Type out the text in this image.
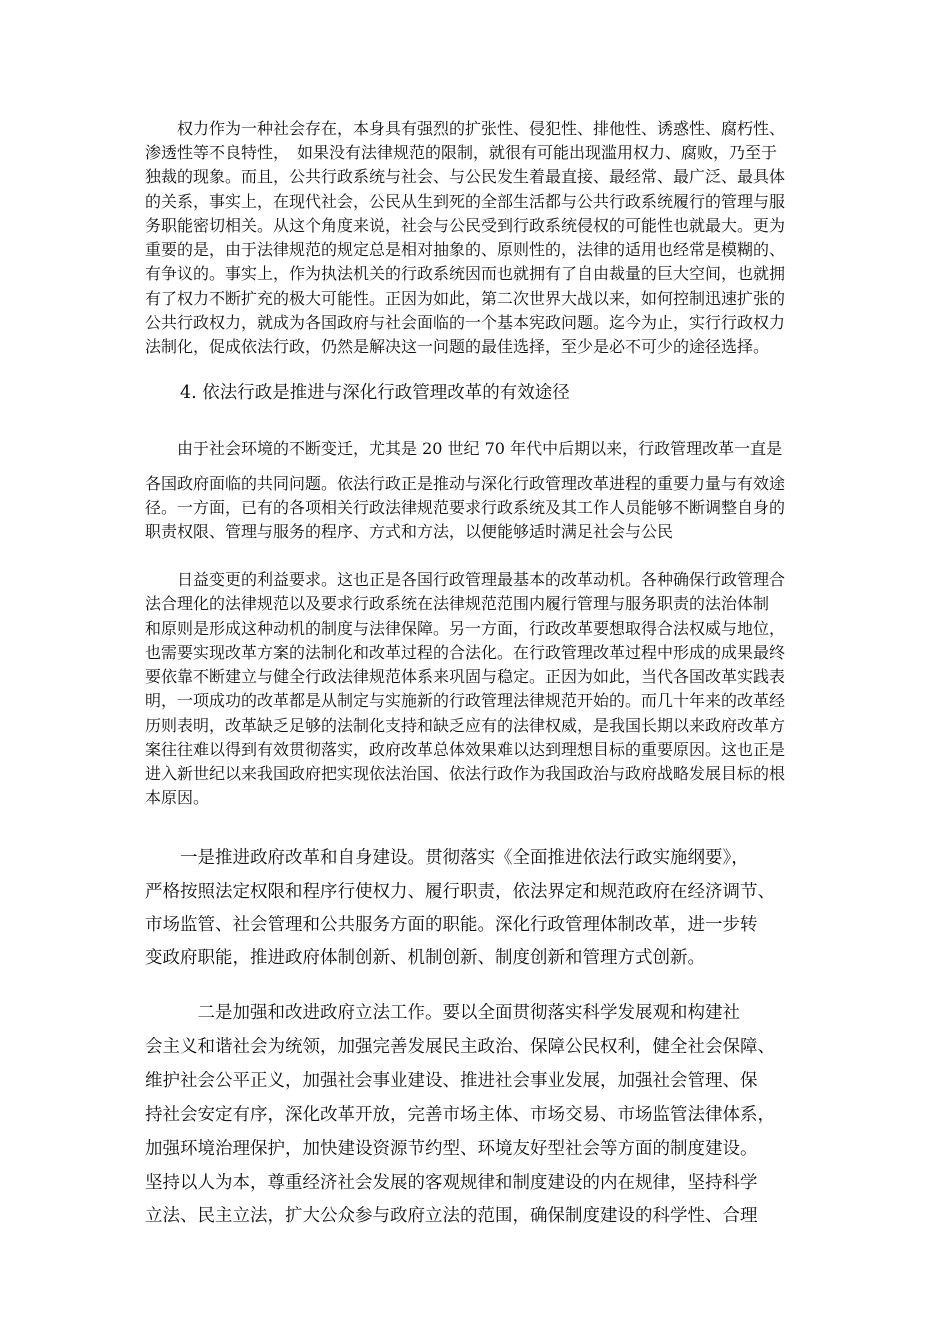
　　权力作为一种社会存在，本身具有强烈的扩张性、侵犯性、排他性、诱惑性、腐朽性、

渗透性等不良特性，　如果没有法律规范的限制，就很有可能出现滥用权力、腐败，乃至于

独裁的现象。而且，公共行政系统与社会、与公民发生着最直接、最经常、最广泛、最具体

的关系，事实上，在现代社会，公民从生到死的全部生活都与公共行政系统履行的管理与服

务职能密切相关。从这个角度来说，社会与公民受到行政系统侵权的可能性也就最大。更为

重要的是，由于法律规范的规定总是相对抽象的、原则性的，法律的适用也经常是模糊的、

有争议的。事实上，作为执法机关的行政系统因而也就拥有了自由裁量的巨大空间，也就拥

有了权力不断扩充的极大可能性。正因为如此，第二次世界大战以来，如何控制迅速扩张的

公共行政权力，就成为各国政府与社会面临的一个基本宪政问题。迄今为止，实行行政权力

法制化，促成依法行政，仍然是解决这一问题的最佳选择，至少是必不可少的途径选择。

　　4. 依法行政是推进与深化行政管理改革的有效途径

　　由于社会环境的不断变迁，尤其是 20 世纪 70 年代中后期以来，行政管理改革一直是

各国政府面临的共同问题。依法行政正是推动与深化行政管理改革进程的重要力量与有效途

径。一方面，已有的各项相关行政法律规范要求行政系统及其工作人员能够不断调整自身的

职责权限、管理与服务的程序、方式和方法，以便能够适时满足社会与公民

　　日益变更的利益要求。这也正是各国行政管理最基本的改革动机。各种确保行政管理合

法合理化的法律规范以及要求行政系统在法律规范范围内履行管理与服务职责的法治体制

和原则是形成这种动机的制度与法律保障。另一方面，行政改革要想取得合法权威与地位，

也需要实现改革方案的法制化和改革过程的合法化。在行政管理改革过程中形成的成果最终

要依靠不断建立与健全行政法律规范体系来巩固与稳定。正因为如此，当代各国改革实践表

明，一项成功的改革都是从制定与实施新的行政管理法律规范开始的。而几十年来的改革经

历则表明，改革缺乏足够的法制化支持和缺乏应有的法律权威，是我国长期以来政府改革方

案往往难以得到有效贯彻落实，政府改革总体效果难以达到理想目标的重要原因。这也正是

进入新世纪以来我国政府把实现依法治国、依法行政作为我国政治与政府战略发展目标的根

本原因。

　　一是推进政府改革和自身建设。贯彻落实《全面推进依法行政实施纲要》，

严格按照法定权限和程序行使权力、履行职责，依法界定和规范政府在经济调节、

市场监管、社会管理和公共服务方面的职能。深化行政管理体制改革，进一步转

变政府职能，推进政府体制创新、机制创新、制度创新和管理方式创新。

　　　二是加强和改进政府立法工作。要以全面贯彻落实科学发展观和构建社

会主义和谐社会为统领，加强完善发展民主政治、保障公民权利，健全社会保障、

维护社会公平正义，加强社会事业建设、推进社会事业发展，加强社会管理、保

持社会安定有序，深化改革开放，完善市场主体、市场交易、市场监管法律体系，

加强环境治理保护，加快建设资源节约型、环境友好型社会等方面的制度建设。

坚持以人为本，尊重经济社会发展的客观规律和制度建设的内在规律，坚持科学

立法、民主立法，扩大公众参与政府立法的范围，确保制度建设的科学性、合理
